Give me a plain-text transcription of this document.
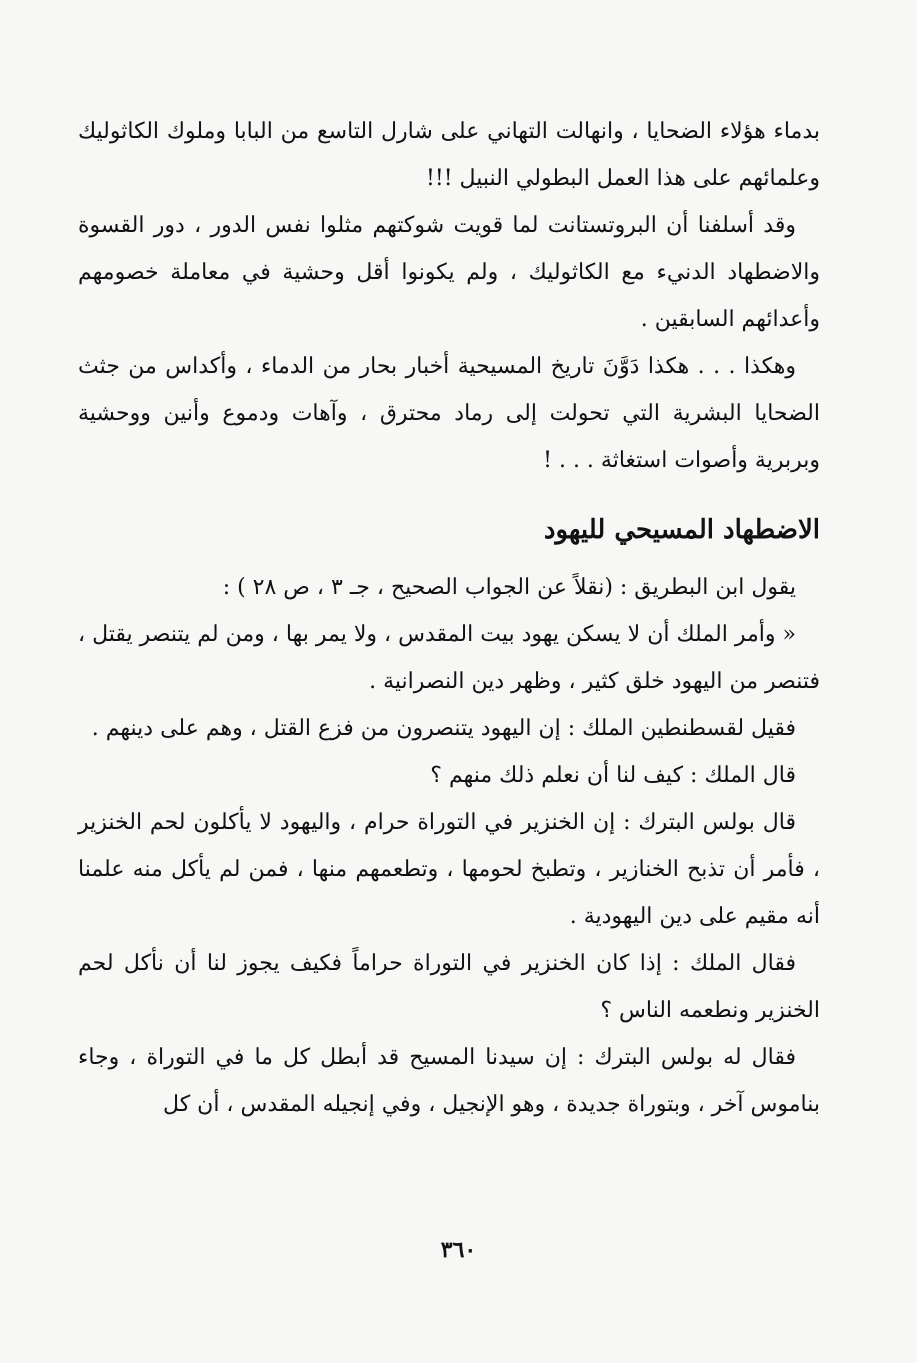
بدماء هؤلاء الضحايا ، وانهالت التهاني على شارل التاسع من البابا وملوك الكاثوليك وعلمائهم على هذا العمل البطولي النبيل !!!

وقد أسلفنا أن البروتستانت لما قويت شوكتهم مثلوا نفس الدور ، دور القسوة والاضطهاد الدنيء مع الكاثوليك ، ولم يكونوا أقل وحشية في معاملة خصومهم وأعدائهم السابقين .

وهكذا . . . هكذا دَوَّنَ تاريخ المسيحية أخبار بحار من الدماء ، وأكداس من جثث الضحايا البشرية التي تحولت إلى رماد محترق ، وآهات ودموع وأنين ووحشية وبربرية وأصوات استغاثة . . . !

الاضطهاد المسيحي لليهود

يقول ابن البطريق : (نقلاً عن الجواب الصحيح ، جـ ٣ ، ص ٢٨ ) :

« وأمر الملك أن لا يسكن يهود بيت المقدس ، ولا يمر بها ، ومن لم يتنصر يقتل ، فتنصر من اليهود خلق كثير ، وظهر دين النصرانية .

فقيل لقسطنطين الملك : إن اليهود يتنصرون من فزع القتل ، وهم على دينهم .

قال الملك : كيف لنا أن نعلم ذلك منهم ؟

قال بولس البترك : إن الخنزير في التوراة حرام ، واليهود لا يأكلون لحم الخنزير ، فأمر أن تذبح الخنازير ، وتطبخ لحومها ، وتطعمهم منها ، فمن لم يأكل منه علمنا أنه مقيم على دين اليهودية .

فقال الملك : إذا كان الخنزير في التوراة حراماً فكيف يجوز لنا أن نأكل لحم الخنزير ونطعمه الناس ؟

فقال له بولس البترك : إن سيدنا المسيح قد أبطل كل ما في التوراة ، وجاء بناموس آخر ، وبتوراة جديدة ، وهو الإنجيل ، وفي إنجيله المقدس ، أن كل

٣٦٠
